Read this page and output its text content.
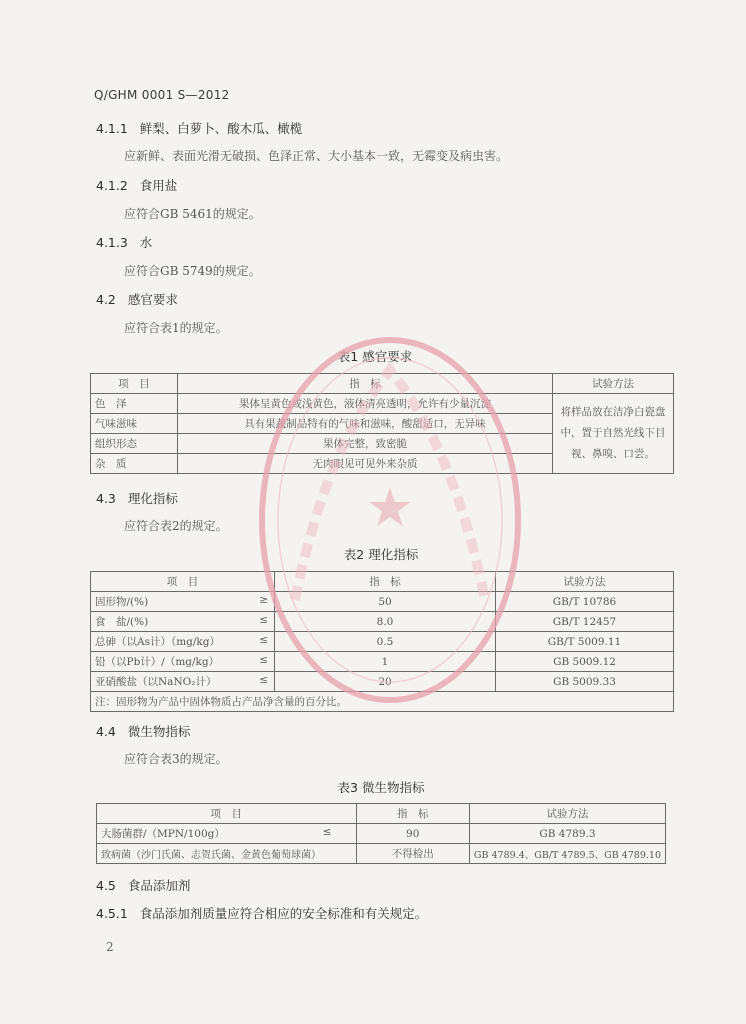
Q/GHM 0001 S—2012
4.1.1 鲜梨、白萝卜、酸木瓜、橄榄
应新鲜、表面光滑无破损、色泽正常、大小基本一致，无霉变及病虫害。
4.1.2 食用盐
应符合GB 5461的规定。
4.1.3 水
应符合GB 5749的规定。
4.2 感官要求
应符合表1的规定。
表1 感官要求
项　目	指　标	试验方法
色　泽	果体呈黄色或浅黄色，液体清亮透明，允许有少量沉淀	将样品放在洁净白瓷盘中，置于自然光线下目视、鼻嗅、口尝。
气味滋味	具有果蔬制品特有的气味和滋味，酸甜适口，无异味	
组织形态	果体完整，致密脆	
杂　质	无肉眼见可见外来杂质	
4.3 理化指标
应符合表2的规定。
表2 理化指标
项　目	指　标	试验方法
固形物/(%) ≥	50	GB/T 10786
食　盐/(%) ≤	8.0	GB/T 12457
总砷（以As计）（mg/kg） ≤	0.5	GB/T 5009.11
铅（以Pb计）/（mg/kg） ≤	1	GB 5009.12
亚硝酸盐（以NaNO₂计） ≤	20	GB 5009.33
注：固形物为产品中固体物质占产品净含量的百分比。		
4.4 微生物指标
应符合表3的规定。
表3 微生物指标
项　目	指　标	试验方法
大肠菌群/（MPN/100g） ≤	90	GB 4789.3
致病菌（沙门氏菌、志贺氏菌、金黄色葡萄球菌）	不得检出	GB 4789.4、GB/T 4789.5、GB 4789.10
4.5 食品添加剂
4.5.1 食品添加剂质量应符合相应的安全标准和有关规定。
★
2
